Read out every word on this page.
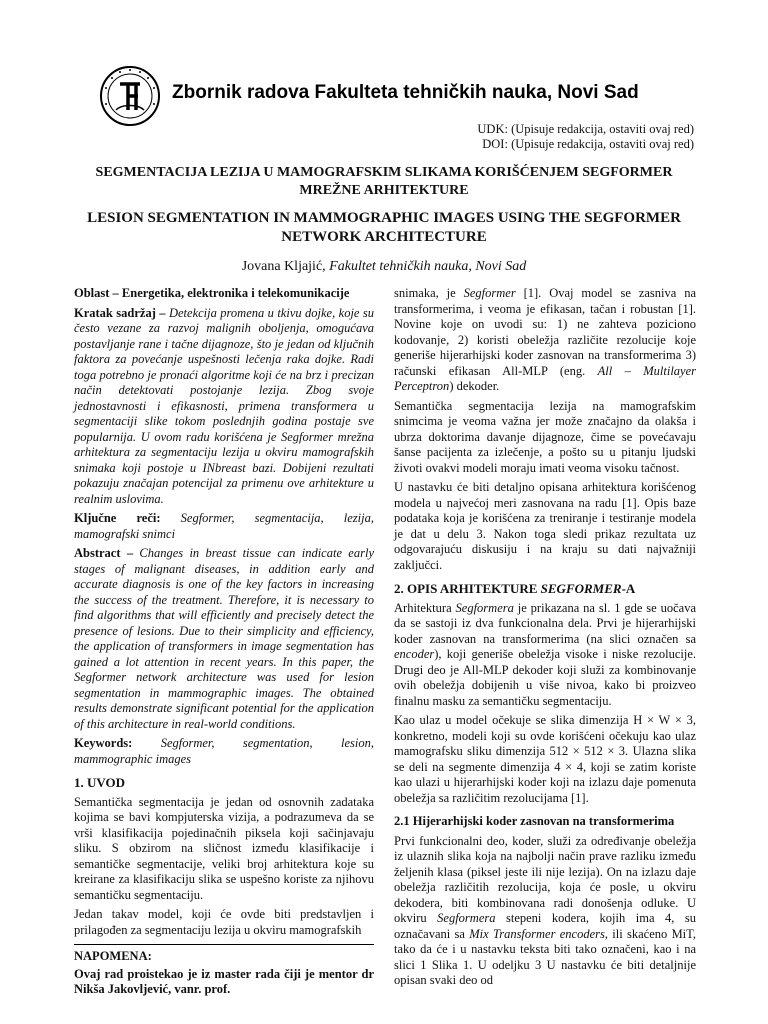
Zbornik radova Fakulteta tehničkih nauka, Novi Sad
UDK: (Upisuje redakcija, ostaviti ovaj red)
DOI: (Upisuje redakcija, ostaviti ovaj red)
SEGMENTACIJA LEZIJA U MAMOGRAFSKIM SLIKAMA KORIŠĆENJEM SEGFORMER MREŽNE ARHITEKTURE
LESION SEGMENTATION IN MAMMOGRAPHIC IMAGES USING THE SEGFORMER NETWORK ARCHITECTURE
Jovana Kljajić, Fakultet tehničkih nauka, Novi Sad

Oblast – Energetika, elektronika i telekomunikacije

Kratak sadržaj – Detekcija promena u tkivu dojke, koje su često vezane za razvoj malignih oboljenja, omogućava postavljanje rane i tačne dijagnoze, što je jedan od ključnih faktora za povećanje uspešnosti lečenja raka dojke. Radi toga potrebno je pronaći algoritme koji će na brz i precizan način detektovati postojanje lezija. Zbog svoje jednostavnosti i efikasnosti, primena transformera u segmentaciji slike tokom poslednjih godina postaje sve popularnija. U ovom radu korišćena je Segformer mrežna arhitektura za segmentaciju lezija u okviru mamografskih snimaka koji postoje u INbreast bazi. Dobijeni rezultati pokazuju značajan potencijal za primenu ove arhitekture u realnim uslovima.

Ključne reči: Segformer, segmentacija, lezija, mamografski snimci

Abstract – Changes in breast tissue can indicate early stages of malignant diseases, in addition early and accurate diagnosis is one of the key factors in increasing the success of the treatment. Therefore, it is necessary to find algorithms that will efficiently and precisely detect the presence of lesions. Due to their simplicity and efficiency, the application of transformers in image segmentation has gained a lot attention in recent years. In this paper, the Segformer network architecture was used for lesion segmentation in mammographic images. The obtained results demonstrate significant potential for the application of this architecture in real-world conditions.

Keywords: Segformer, segmentation, lesion, mammographic images

1. UVOD

Semantička segmentacija je jedan od osnovnih zadataka kojima se bavi kompjuterska vizija, a podrazumeva da se vrši klasifikacija pojedinačnih piksela koji sačinjavaju sliku. S obzirom na sličnost između klasifikacije i semantičke segmentacije, veliki broj arhitektura koje su kreirane za klasifikaciju slika se uspešno koriste za njihovu semantičku segmentaciju.

Jedan takav model, koji će ovde biti predstavljen i prilagođen za segmentaciju lezija u okviru mamografskih

NAPOMENA:
Ovaj rad proistekao je iz master rada čiji je mentor dr Nikša Jakovljević, vanr. prof.

snimaka, je Segformer [1]. Ovaj model se zasniva na transformerima, i veoma je efikasan, tačan i robustan [1]. Novine koje on uvodi su: 1) ne zahteva poziciono kodovanje, 2) koristi obeležja različite rezolucije koje generiše hijerarhijski koder zasnovan na transformerima 3) računski efikasan All-MLP (eng. All – Multilayer Perceptron) dekoder.

Semantička segmentacija lezija na mamografskim snimcima je veoma važna jer može značajno da olakša i ubrza doktorima davanje dijagnoze, čime se povećavaju šanse pacijenta za izlečenje, a pošto su u pitanju ljudski životi ovakvi modeli moraju imati veoma visoku tačnost.

U nastavku će biti detaljno opisana arhitektura korišćenog modela u najvećoj meri zasnovana na radu [1]. Opis baze podataka koja je korišćena za treniranje i testiranje modela je dat u delu 3. Nakon toga sledi prikaz rezultata uz odgovarajuću diskusiju i na kraju su dati najvažniji zaključci.

2. OPIS ARHITEKTURE SEGFORMER-A

Arhitektura Segformera je prikazana na sl. 1 gde se uočava da se sastoji iz dva funkcionalna dela. Prvi je hijerarhijski koder zasnovan na transformerima (na slici označen sa encoder), koji generiše obeležja visoke i niske rezolucije. Drugi deo je All-MLP dekoder koji služi za kombinovanje ovih obeležja dobijenih u više nivoa, kako bi proizveo finalnu masku za semantičku segmentaciju.

Kao ulaz u model očekuje se slika dimenzija H × W × 3, konkretno, modeli koji su ovde korišćeni očekuju kao ulaz mamografsku sliku dimenzija 512 × 512 × 3. Ulazna slika se deli na segmente dimenzija 4 × 4, koji se zatim koriste kao ulazi u hijerarhijski koder koji na izlazu daje pomenuta obeležja sa različitim rezolucijama [1].

2.1 Hijerarhijski koder zasnovan na transformerima

Prvi funkcionalni deo, koder, služi za određivanje obeležja iz ulaznih slika koja na najbolji način prave razliku između željenih klasa (piksel jeste ili nije lezija). On na izlazu daje obeležja različitih rezolucija, koja će posle, u okviru dekodera, biti kombinovana radi donošenja odluke. U okviru Segformera stepeni kodera, kojih ima 4, su označavani sa Mix Transformer encoders, ili skaćeno MiT, tako da će i u nastavku teksta biti tako označeni, kao i na slici 1 Slika 1. U odeljku 3 U nastavku će biti detaljnije opisan svaki deo od
